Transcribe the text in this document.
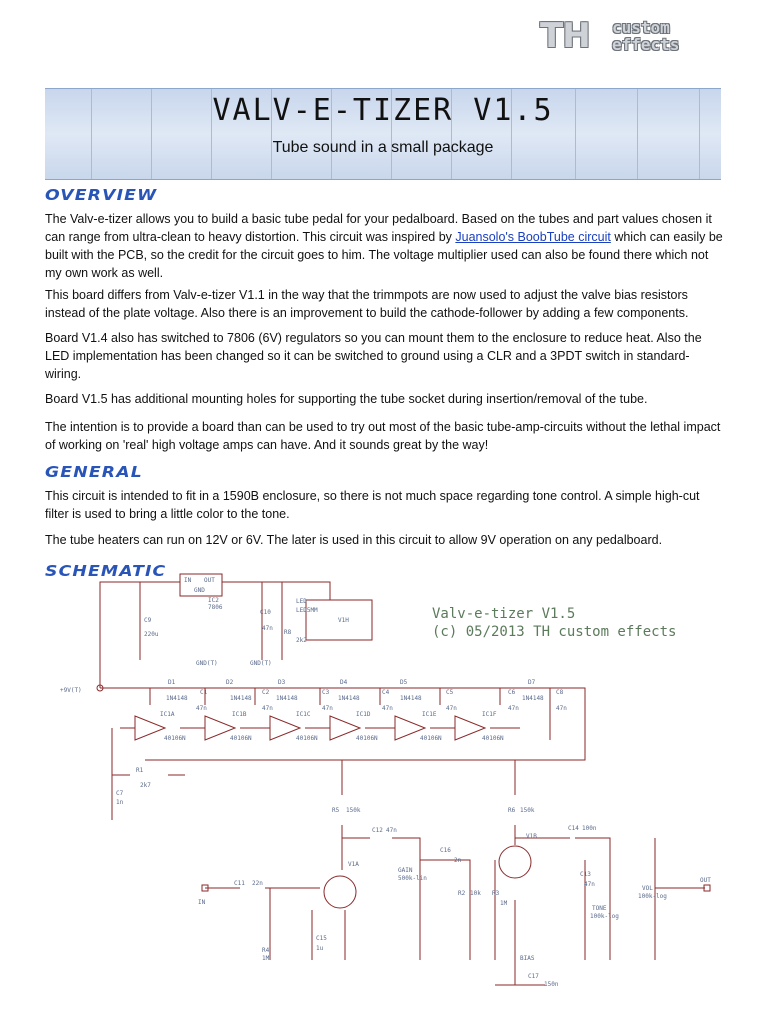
TH custom
effects
VALV-E-TIZER V1.5
Tube sound in a small package
OVERVIEW

The Valv-e-tizer allows you to build a basic tube pedal for your pedalboard. Based on the tubes and part values chosen it can range from ultra-clean to heavy distortion. This circuit was inspired by Juansolo's BoobTube circuit which can easily be built with the PCB, so the credit for the circuit goes to him. The voltage multiplier used can also be found there which not my own work as well.

This board differs from Valv-e-tizer V1.1 in the way that the trimmpots are now used to adjust the valve bias resistors instead of the plate voltage. Also there is an improvement to build the cathode-follower by adding a few components.

Board V1.4 also has switched to 7806 (6V) regulators so you can mount them to the enclosure to reduce heat. Also the LED implementation has been changed so it can be switched to ground using a CLR and a 3PDT switch in standard-wiring.

Board V1.5 has additional mounting holes for supporting the tube socket during insertion/removal of the tube.

The intention is to provide a board than can be used to try out most of the basic tube-amp-circuits without the lethal impact of working on 'real' high voltage amps can have. And it sounds great by the way!

GENERAL

This circuit is intended to fit in a 1590B enclosure, so there is not much space regarding tone control. A simple high-cut filter is used to bring a little color to the tone.

The tube heaters can run on 12V or 6V. The later is used in this circuit to allow 9V operation on any pedalboard.

SCHEMATIC
Valv-e-tizer V1.5
(c) 05/2013 TH custom effects
IN OUT
GND
IC2
7806
C9
220u
C10
47n
LED
LED5MM
R8
2k2
V1H
GND(T)	GND(T)
+9V(T)
D1
1N4148
D2
1N4148
D3
1N4148
D4
1N4148
D5
1N4148
D7
1N4148
C1
47n
C2
47n
C3
47n
C4
47n
C5
47n
C6
47n
C8
47n
IC1A
40106N
IC1B
40106N
IC1C
40106N
IC1D
40106N
IC1E
40106N
IC1F
40106N
R1
2k7
C7
1n
R5 150k	R6 150k
C12 47n
GAIN
500k-lin
C16
2n
V1A
V1B
C11 22n
IN
R4
1M
C15
1u
R2 10k R3
1M
BIAS
C14 100n
C13
47n
TONE
100k-log
VOL
100k-log
C17
150n
OUT
